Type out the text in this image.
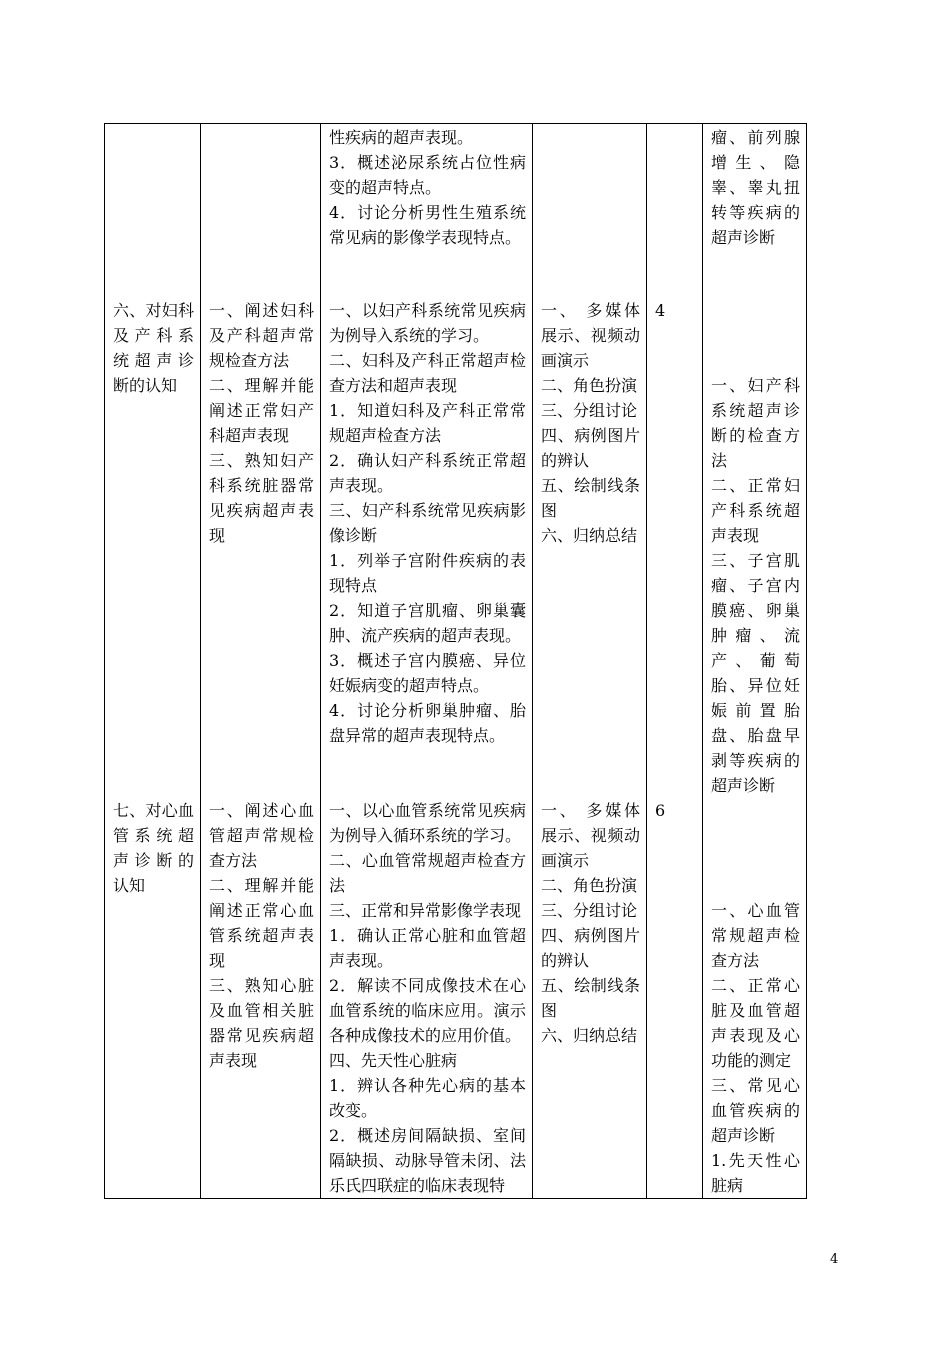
性疾病的超声表现。
3．概述泌尿系统占位性病
变的超声特点。
4．讨论分析男性生殖系统
常见病的影像学表现特点。
瘤、前列腺
增生、隐
睾、睾丸扭
转等疾病的
超声诊断
六、对妇科
及产科系
统超声诊
断的认知
一、阐述妇科
及产科超声常
规检查方法
二、理解并能
阐述正常妇产
科超声表现
三、熟知妇产
科系统脏器常
见疾病超声表
现
一、以妇产科系统常见疾病
为例导入系统的学习。
二、妇科及产科正常超声检
查方法和超声表现
1．知道妇科及产科正常常
规超声检查方法
2．确认妇产科系统正常超
声表现。
三、妇产科系统常见疾病影
像诊断
1．列举子宫附件疾病的表
现特点
2．知道子宫肌瘤、卵巢囊
肿、流产疾病的超声表现。
3．概述子宫内膜癌、异位
妊娠病变的超声特点。
4．讨论分析卵巢肿瘤、胎
盘异常的超声表现特点。
一、 多媒体
展示、视频动
画演示
二、角色扮演
三、分组讨论
四、病例图片
的辨认
五、绘制线条
图
六、归纳总结
4
一、妇产科
系统超声诊
断的检查方
法
二、正常妇
产科系统超
声表现
三、子宫肌
瘤、子宫内
膜癌、卵巢
肿瘤、流
产、葡萄
胎、异位妊
娠前置胎
盘、胎盘早
剥等疾病的
超声诊断
七、对心血
管系统超
声诊断的
认知
一、阐述心血
管超声常规检
查方法
二、理解并能
阐述正常心血
管系统超声表
现
三、熟知心脏
及血管相关脏
器常见疾病超
声表现
一、以心血管系统常见疾病
为例导入循环系统的学习。
二、心血管常规超声检查方
法
三、正常和异常影像学表现
1．确认正常心脏和血管超
声表现。
2．解读不同成像技术在心
血管系统的临床应用。演示
各种成像技术的应用价值。
四、先天性心脏病
1．辨认各种先心病的基本
改变。
2．概述房间隔缺损、室间
隔缺损、动脉导管未闭、法
乐氏四联症的临床表现特
一、 多媒体
展示、视频动
画演示
二、角色扮演
三、分组讨论
四、病例图片
的辨认
五、绘制线条
图
六、归纳总结
6
一、心血管
常规超声检
查方法
二、正常心
脏及血管超
声表现及心
功能的测定
三、常见心
血管疾病的
超声诊断
1.先天性心
脏病
4
